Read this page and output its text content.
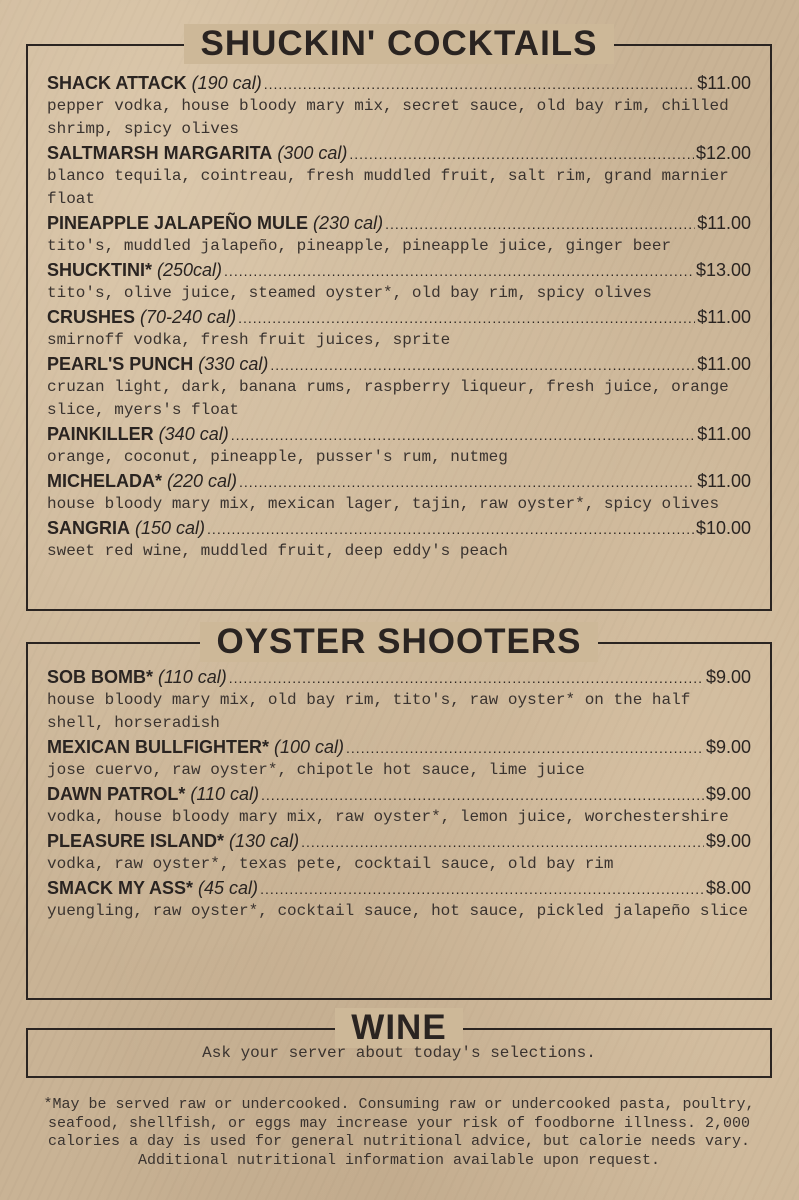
SHUCKIN' COCKTAILS
SHACK ATTACK (190 cal) .....	$11.00
pepper vodka, house bloody mary mix, secret sauce, old bay rim, chilled shrimp, spicy olives
SALTMARSH MARGARITA (300 cal) .....	$12.00
blanco tequila, cointreau, fresh muddled fruit, salt rim, grand marnier float
PINEAPPLE JALAPEÑO MULE (230 cal) .....	$11.00
tito's, muddled jalapeño, pineapple, pineapple juice, ginger beer
SHUCKTINI* (250cal) .....	$13.00
tito's, olive juice, steamed oyster*, old bay rim, spicy olives
CRUSHES (70-240 cal) .....	$11.00
smirnoff vodka, fresh fruit juices, sprite
PEARL'S PUNCH (330 cal) .....	$11.00
cruzan light, dark, banana rums, raspberry liqueur, fresh juice, orange slice, myers's float
PAINKILLER (340 cal) .....	$11.00
orange, coconut, pineapple, pusser's rum, nutmeg
MICHELADA* (220 cal) .....	$11.00
house bloody mary mix, mexican lager, tajin, raw oyster*, spicy olives
SANGRIA (150 cal) .....	$10.00
sweet red wine, muddled fruit, deep eddy's peach
OYSTER SHOOTERS
SOB BOMB* (110 cal) .....	$9.00
house bloody mary mix, old bay rim, tito's, raw oyster* on the half shell, horseradish
MEXICAN BULLFIGHTER* (100 cal) .....	$9.00
jose cuervo, raw oyster*, chipotle hot sauce, lime juice
DAWN PATROL* (110 cal) .....	$9.00
vodka, house bloody mary mix, raw oyster*, lemon juice, worchestershire
PLEASURE ISLAND* (130 cal) .....	$9.00
vodka, raw oyster*, texas pete, cocktail sauce, old bay rim
SMACK MY ASS* (45 cal) .....	$8.00
yuengling, raw oyster*, cocktail sauce, hot sauce, pickled jalapeño slice
WINE
Ask your server about today's selections.
*May be served raw or undercooked. Consuming raw or undercooked pasta, poultry, seafood, shellfish, or eggs may increase your risk of foodborne illness. 2,000 calories a day is used for general nutritional advice, but calorie needs vary. Additional nutritional information available upon request.
